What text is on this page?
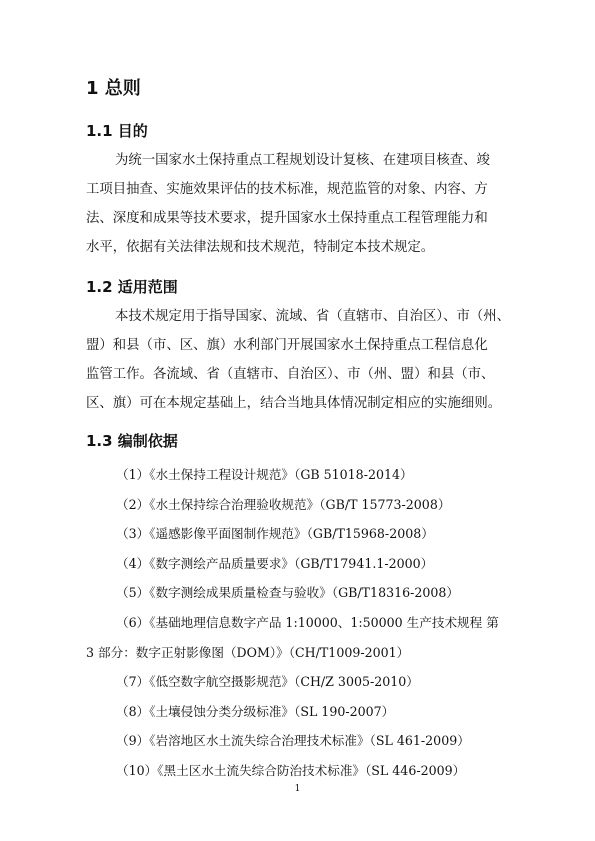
1 总则
1.1 目的
为统一国家水土保持重点工程规划设计复核、在建项目核查、竣
工项目抽查、实施效果评估的技术标准，规范监管的对象、内容、方
法、深度和成果等技术要求，提升国家水土保持重点工程管理能力和
水平，依据有关法律法规和技术规范，特制定本技术规定。
1.2 适用范围
本技术规定用于指导国家、流域、省（直辖市、自治区）、市（州、
盟）和县（市、区、旗）水利部门开展国家水土保持重点工程信息化
监管工作。各流域、省（直辖市、自治区）、市（州、盟）和县（市、
区、旗）可在本规定基础上，结合当地具体情况制定相应的实施细则。
1.3 编制依据
（1）《水土保持工程设计规范》（GB 51018-2014）
（2）《水土保持综合治理验收规范》（GB/T 15773-2008）
（3）《遥感影像平面图制作规范》（GB/T15968-2008）
（4）《数字测绘产品质量要求》（GB/T17941.1-2000）
（5）《数字测绘成果质量检查与验收》（GB/T18316-2008）
（6）《基础地理信息数字产品 1:10000、1:50000 生产技术规程 第
3 部分：数字正射影像图（DOM）》（CH/T1009-2001）
（7）《低空数字航空摄影规范》（CH/Z 3005-2010）
（8）《土壤侵蚀分类分级标准》（SL 190-2007）
（9）《岩溶地区水土流失综合治理技术标准》（SL 461-2009）
（10）《黑土区水土流失综合防治技术标准》（SL 446-2009）
1
